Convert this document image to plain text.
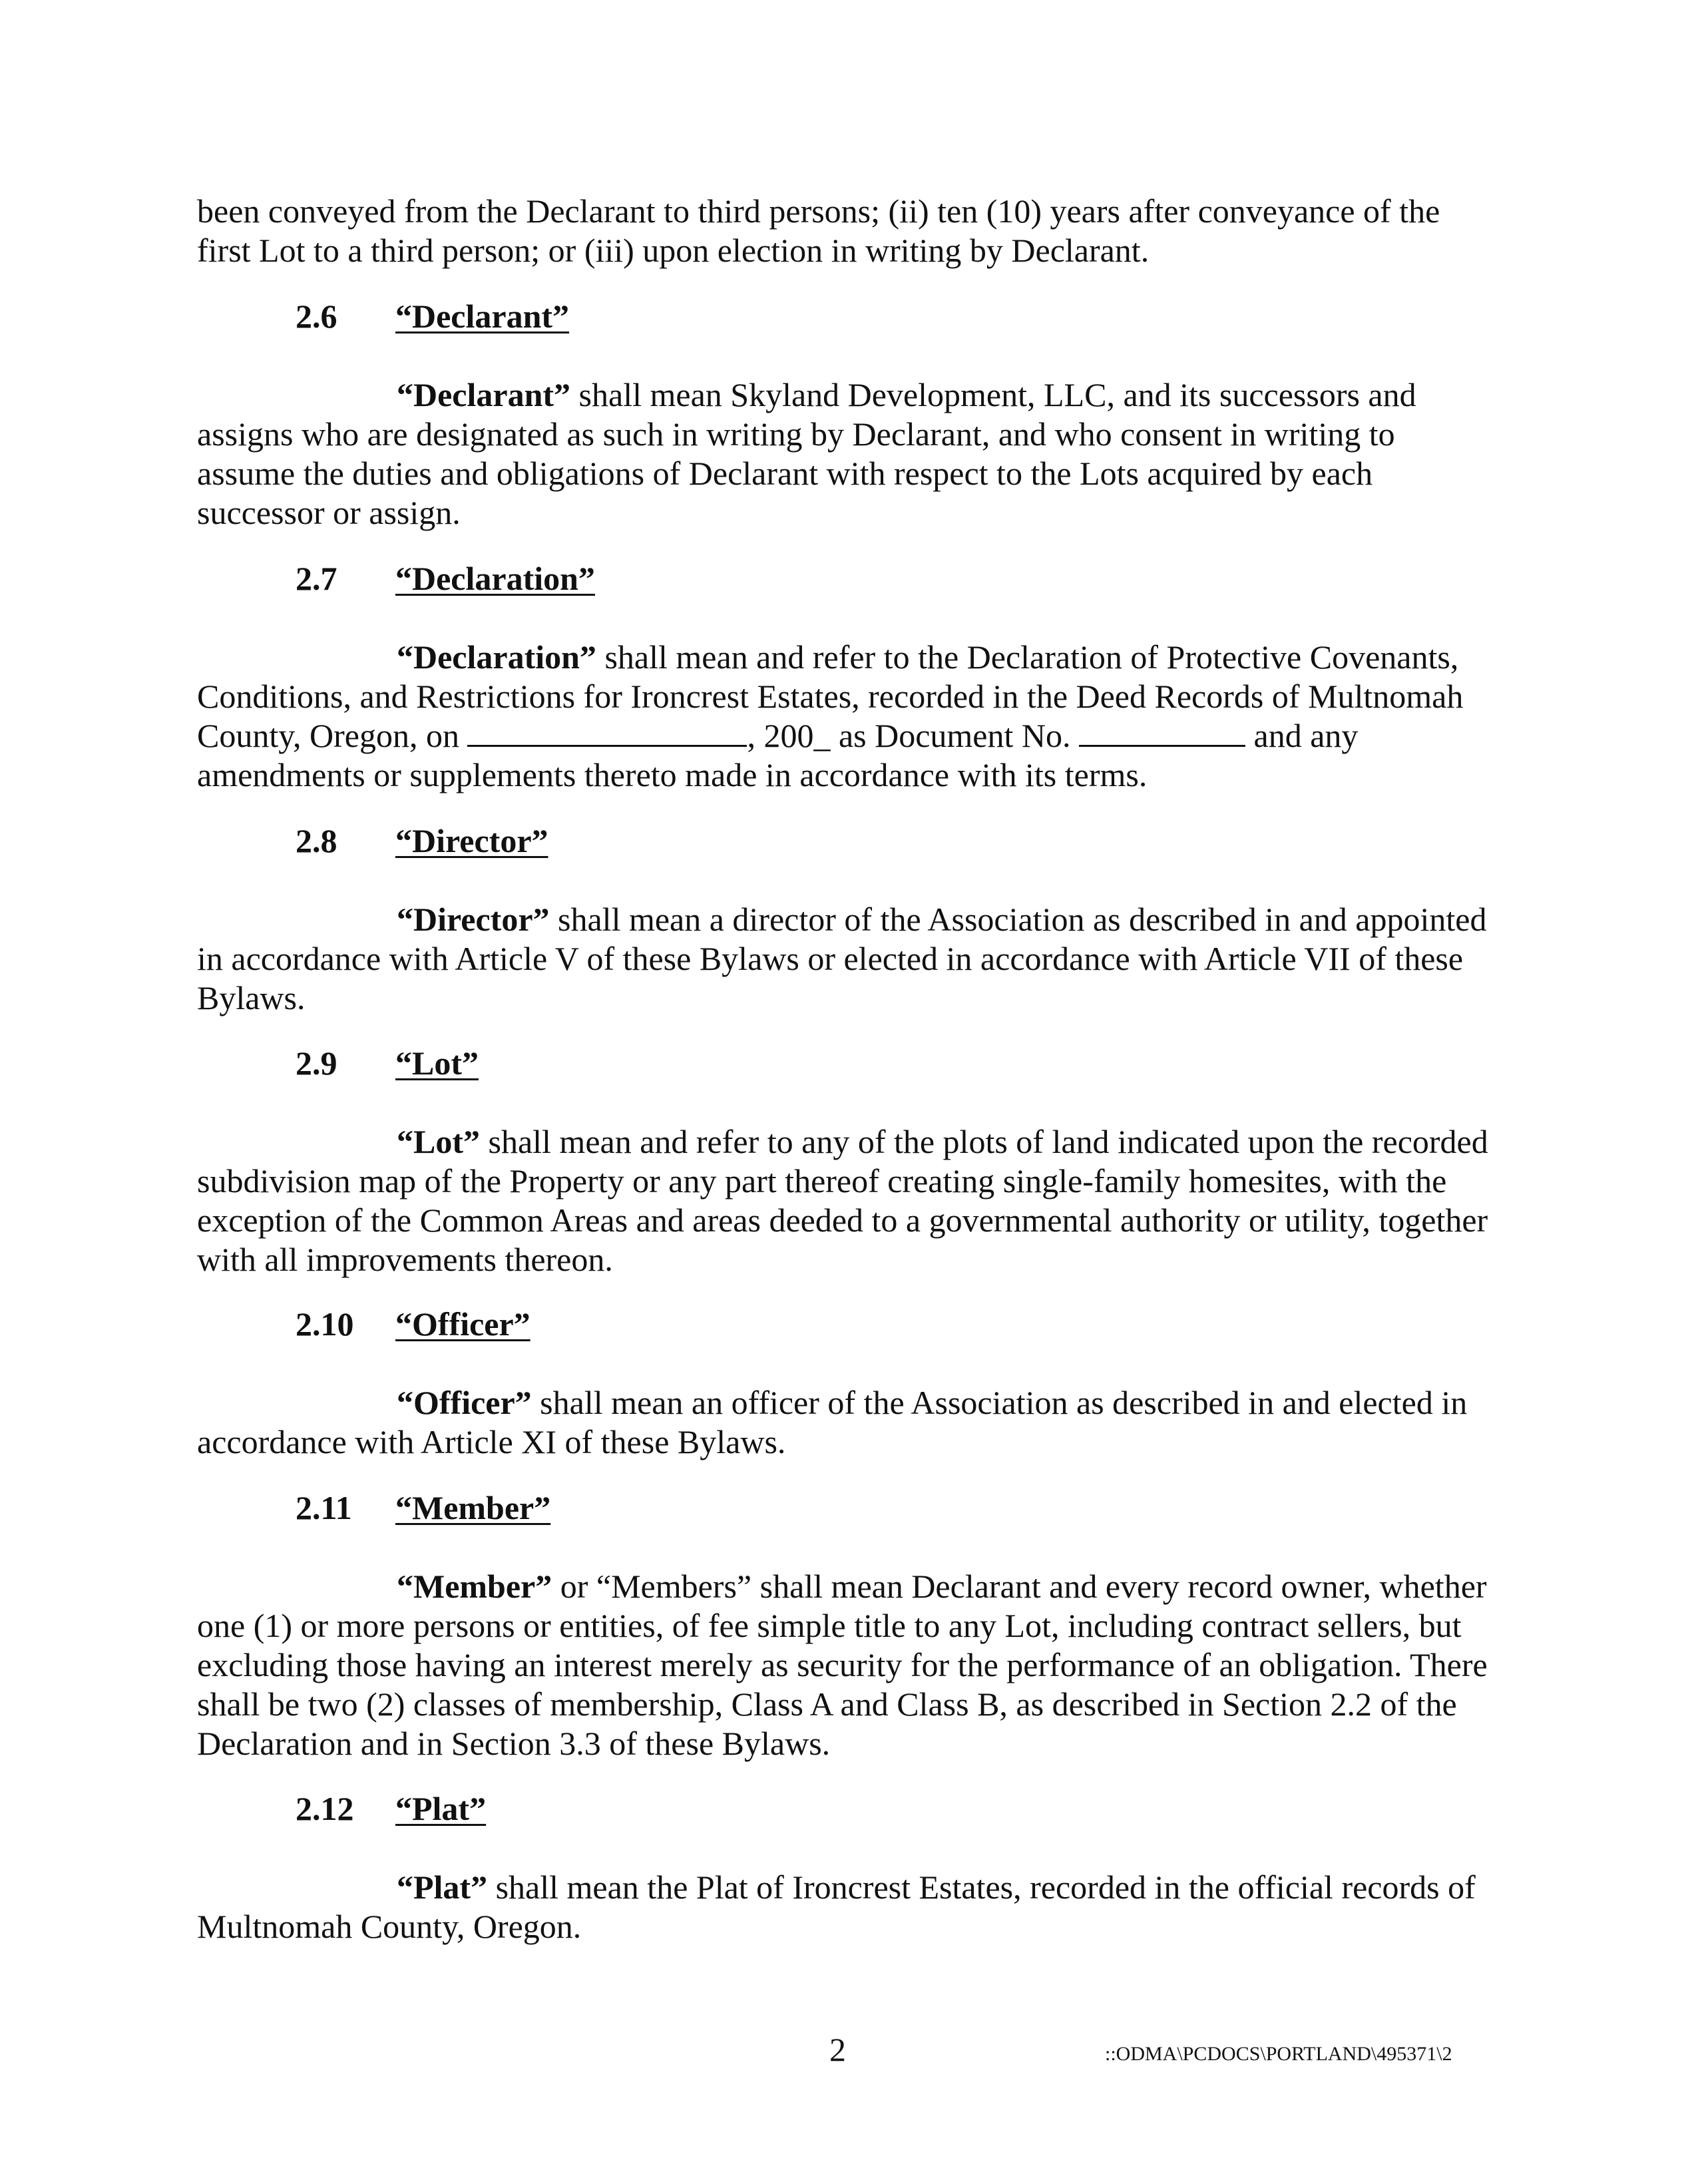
been conveyed from the Declarant to third persons; (ii) ten (10) years after conveyance of the
first Lot to a third person; or (iii) upon election in writing by Declarant.

2.6 “Declarant”

“Declarant” shall mean Skyland Development, LLC, and its successors and
assigns who are designated as such in writing by Declarant, and who consent in writing to
assume the duties and obligations of Declarant with respect to the Lots acquired by each
successor or assign.

2.7 “Declaration”

“Declaration” shall mean and refer to the Declaration of Protective Covenants,
Conditions, and Restrictions for Ironcrest Estates, recorded in the Deed Records of Multnomah
County, Oregon, on	, 200_ as Document No.	and any
amendments or supplements thereto made in accordance with its terms.

2.8 “Director”

“Director” shall mean a director of the Association as described in and appointed
in accordance with Article V of these Bylaws or elected in accordance with Article VII of these
Bylaws.

2.9 “Lot”

“Lot” shall mean and refer to any of the plots of land indicated upon the recorded
subdivision map of the Property or any part thereof creating single-family homesites, with the
exception of the Common Areas and areas deeded to a governmental authority or utility, together
with all improvements thereon.

2.10 “Officer”

“Officer” shall mean an officer of the Association as described in and elected in
accordance with Article XI of these Bylaws.

2.11 “Member”

“Member” or “Members” shall mean Declarant and every record owner, whether
one (1) or more persons or entities, of fee simple title to any Lot, including contract sellers, but
excluding those having an interest merely as security for the performance of an obligation. There
shall be two (2) classes of membership, Class A and Class B, as described in Section 2.2 of the
Declaration and in Section 3.3 of these Bylaws.

2.12 “Plat”

“Plat” shall mean the Plat of Ironcrest Estates, recorded in the official records of
Multnomah County, Oregon.

2	::ODMA\PCDOCS\PORTLAND\495371\2
